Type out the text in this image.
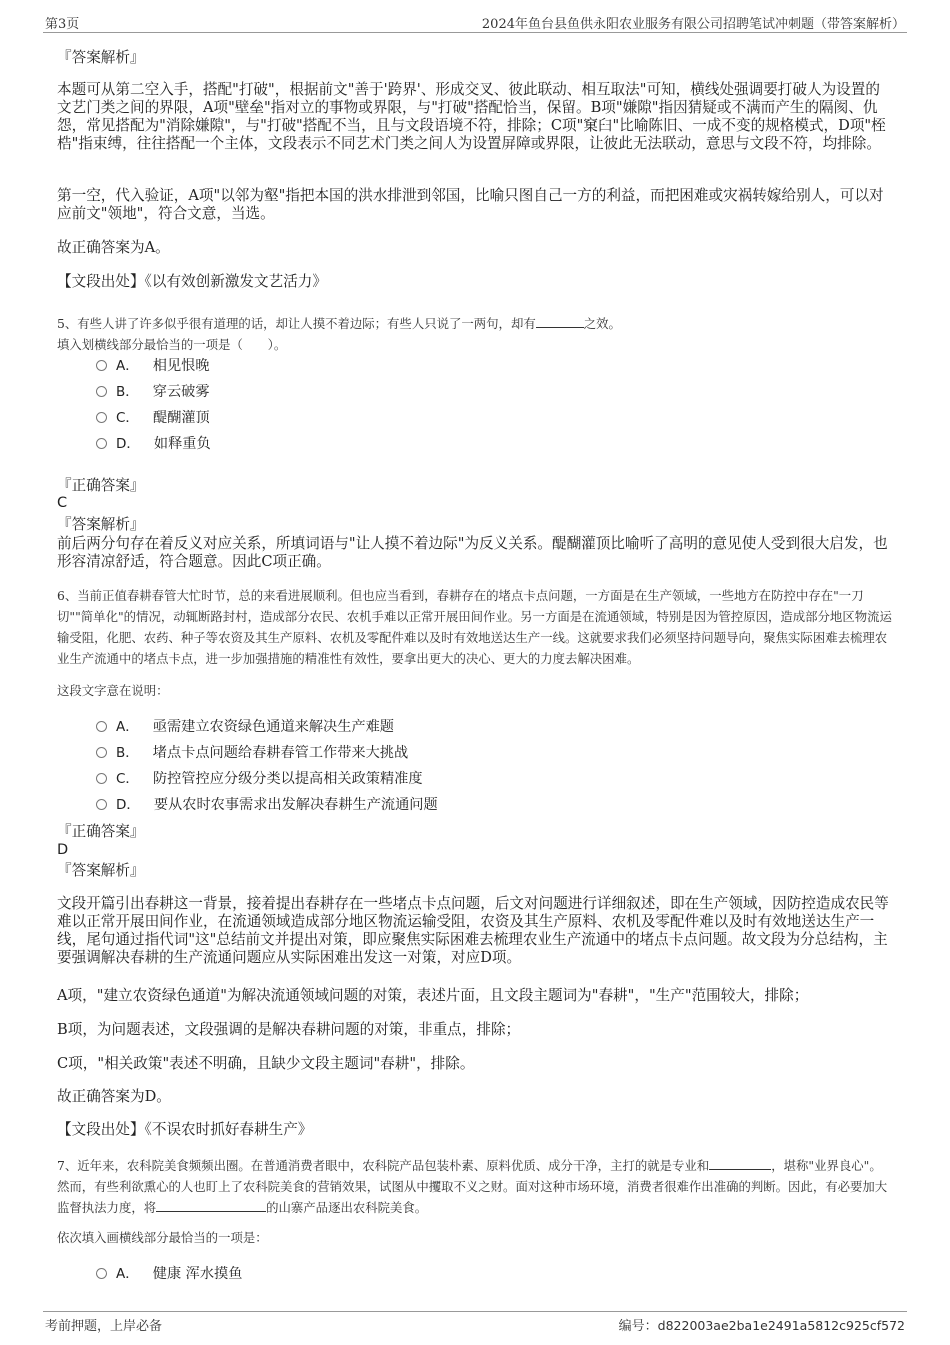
第3页	2024年鱼台县鱼供永阳农业服务有限公司招聘笔试冲刺题（带答案解析）
『答案解析』
本题可从第二空入手，搭配"打破"，根据前文"善于'跨界'、形成交叉、彼此联动、相互取法"可知，横线处强调要打破人为设置的文艺门类之间的界限，A项"壁垒"指对立的事物或界限，与"打破"搭配恰当，保留。B项"嫌隙"指因猜疑或不满而产生的隔阂、仇怨，常见搭配为"消除嫌隙"，与"打破"搭配不当，且与文段语境不符，排除；C项"窠臼"比喻陈旧、一成不变的规格模式，D项"桎梏"指束缚，往往搭配一个主体，文段表示不同艺术门类之间人为设置屏障或界限，让彼此无法联动，意思与文段不符，均排除。
第一空，代入验证，A项"以邻为壑"指把本国的洪水排泄到邻国，比喻只图自己一方的利益，而把困难或灾祸转嫁给别人，可以对应前文"领地"，符合文意，当选。
故正确答案为A。
【文段出处】《以有效创新激发文艺活力》
5、有些人讲了许多似乎很有道理的话，却让人摸不着边际；有些人只说了一两句，却有	之效。
填入划横线部分最恰当的一项是（　　）。
A． 相见恨晚
B． 穿云破雾
C． 醍醐灌顶
D． 如释重负
『正确答案』
C
『答案解析』
前后两分句存在着反义对应关系，所填词语与"让人摸不着边际"为反义关系。醍醐灌顶比喻听了高明的意见使人受到很大启发，也形容清凉舒适，符合题意。因此C项正确。
6、当前正值春耕春管大忙时节，总的来看进展顺利。但也应当看到，春耕存在的堵点卡点问题，一方面是在生产领域，一些地方在防控中存在"一刀切""简单化"的情况，动辄断路封村，造成部分农民、农机手难以正常开展田间作业。另一方面是在流通领域，特别是因为管控原因，造成部分地区物流运输受阻，化肥、农药、种子等农资及其生产原料、农机及零配件难以及时有效地送达生产一线。这就要求我们必须坚持问题导向，聚焦实际困难去梳理农业生产流通中的堵点卡点，进一步加强措施的精准性有效性，要拿出更大的决心、更大的力度去解决困难。
这段文字意在说明：
A． 亟需建立农资绿色通道来解决生产难题
B． 堵点卡点问题给春耕春管工作带来大挑战
C． 防控管控应分级分类以提高相关政策精准度
D． 要从农时农事需求出发解决春耕生产流通问题
『正确答案』
D
『答案解析』
文段开篇引出春耕这一背景，接着提出春耕存在一些堵点卡点问题，后文对问题进行详细叙述，即在生产领域，因防控造成农民等难以正常开展田间作业，在流通领域造成部分地区物流运输受阻，农资及其生产原料、农机及零配件难以及时有效地送达生产一线，尾句通过指代词"这"总结前文并提出对策，即应聚焦实际困难去梳理农业生产流通中的堵点卡点问题。故文段为分总结构，主要强调解决春耕的生产流通问题应从实际困难出发这一对策，对应D项。
A项，"建立农资绿色通道"为解决流通领域问题的对策，表述片面，且文段主题词为"春耕"，"生产"范围较大，排除；
B项，为问题表述，文段强调的是解决春耕问题的对策，非重点，排除；
C项，"相关政策"表述不明确，且缺少文段主题词"春耕"，排除。
故正确答案为D。
【文段出处】《不误农时抓好春耕生产》
7、近年来，农科院美食频频出圈。在普通消费者眼中，农科院产品包装朴素、原料优质、成分干净，主打的就是专业和	，堪称"业界良心"。然而，有些利欲熏心的人也盯上了农科院美食的营销效果，试图从中攫取不义之财。面对这种市场环境，消费者很难作出准确的判断。因此，有必要加大监督执法力度，将	的山寨产品逐出农科院美食。
依次填入画横线部分最恰当的一项是：
A． 健康 浑水摸鱼
考前押题，上岸必备	编号：d822003ae2ba1e2491a5812c925cf572
